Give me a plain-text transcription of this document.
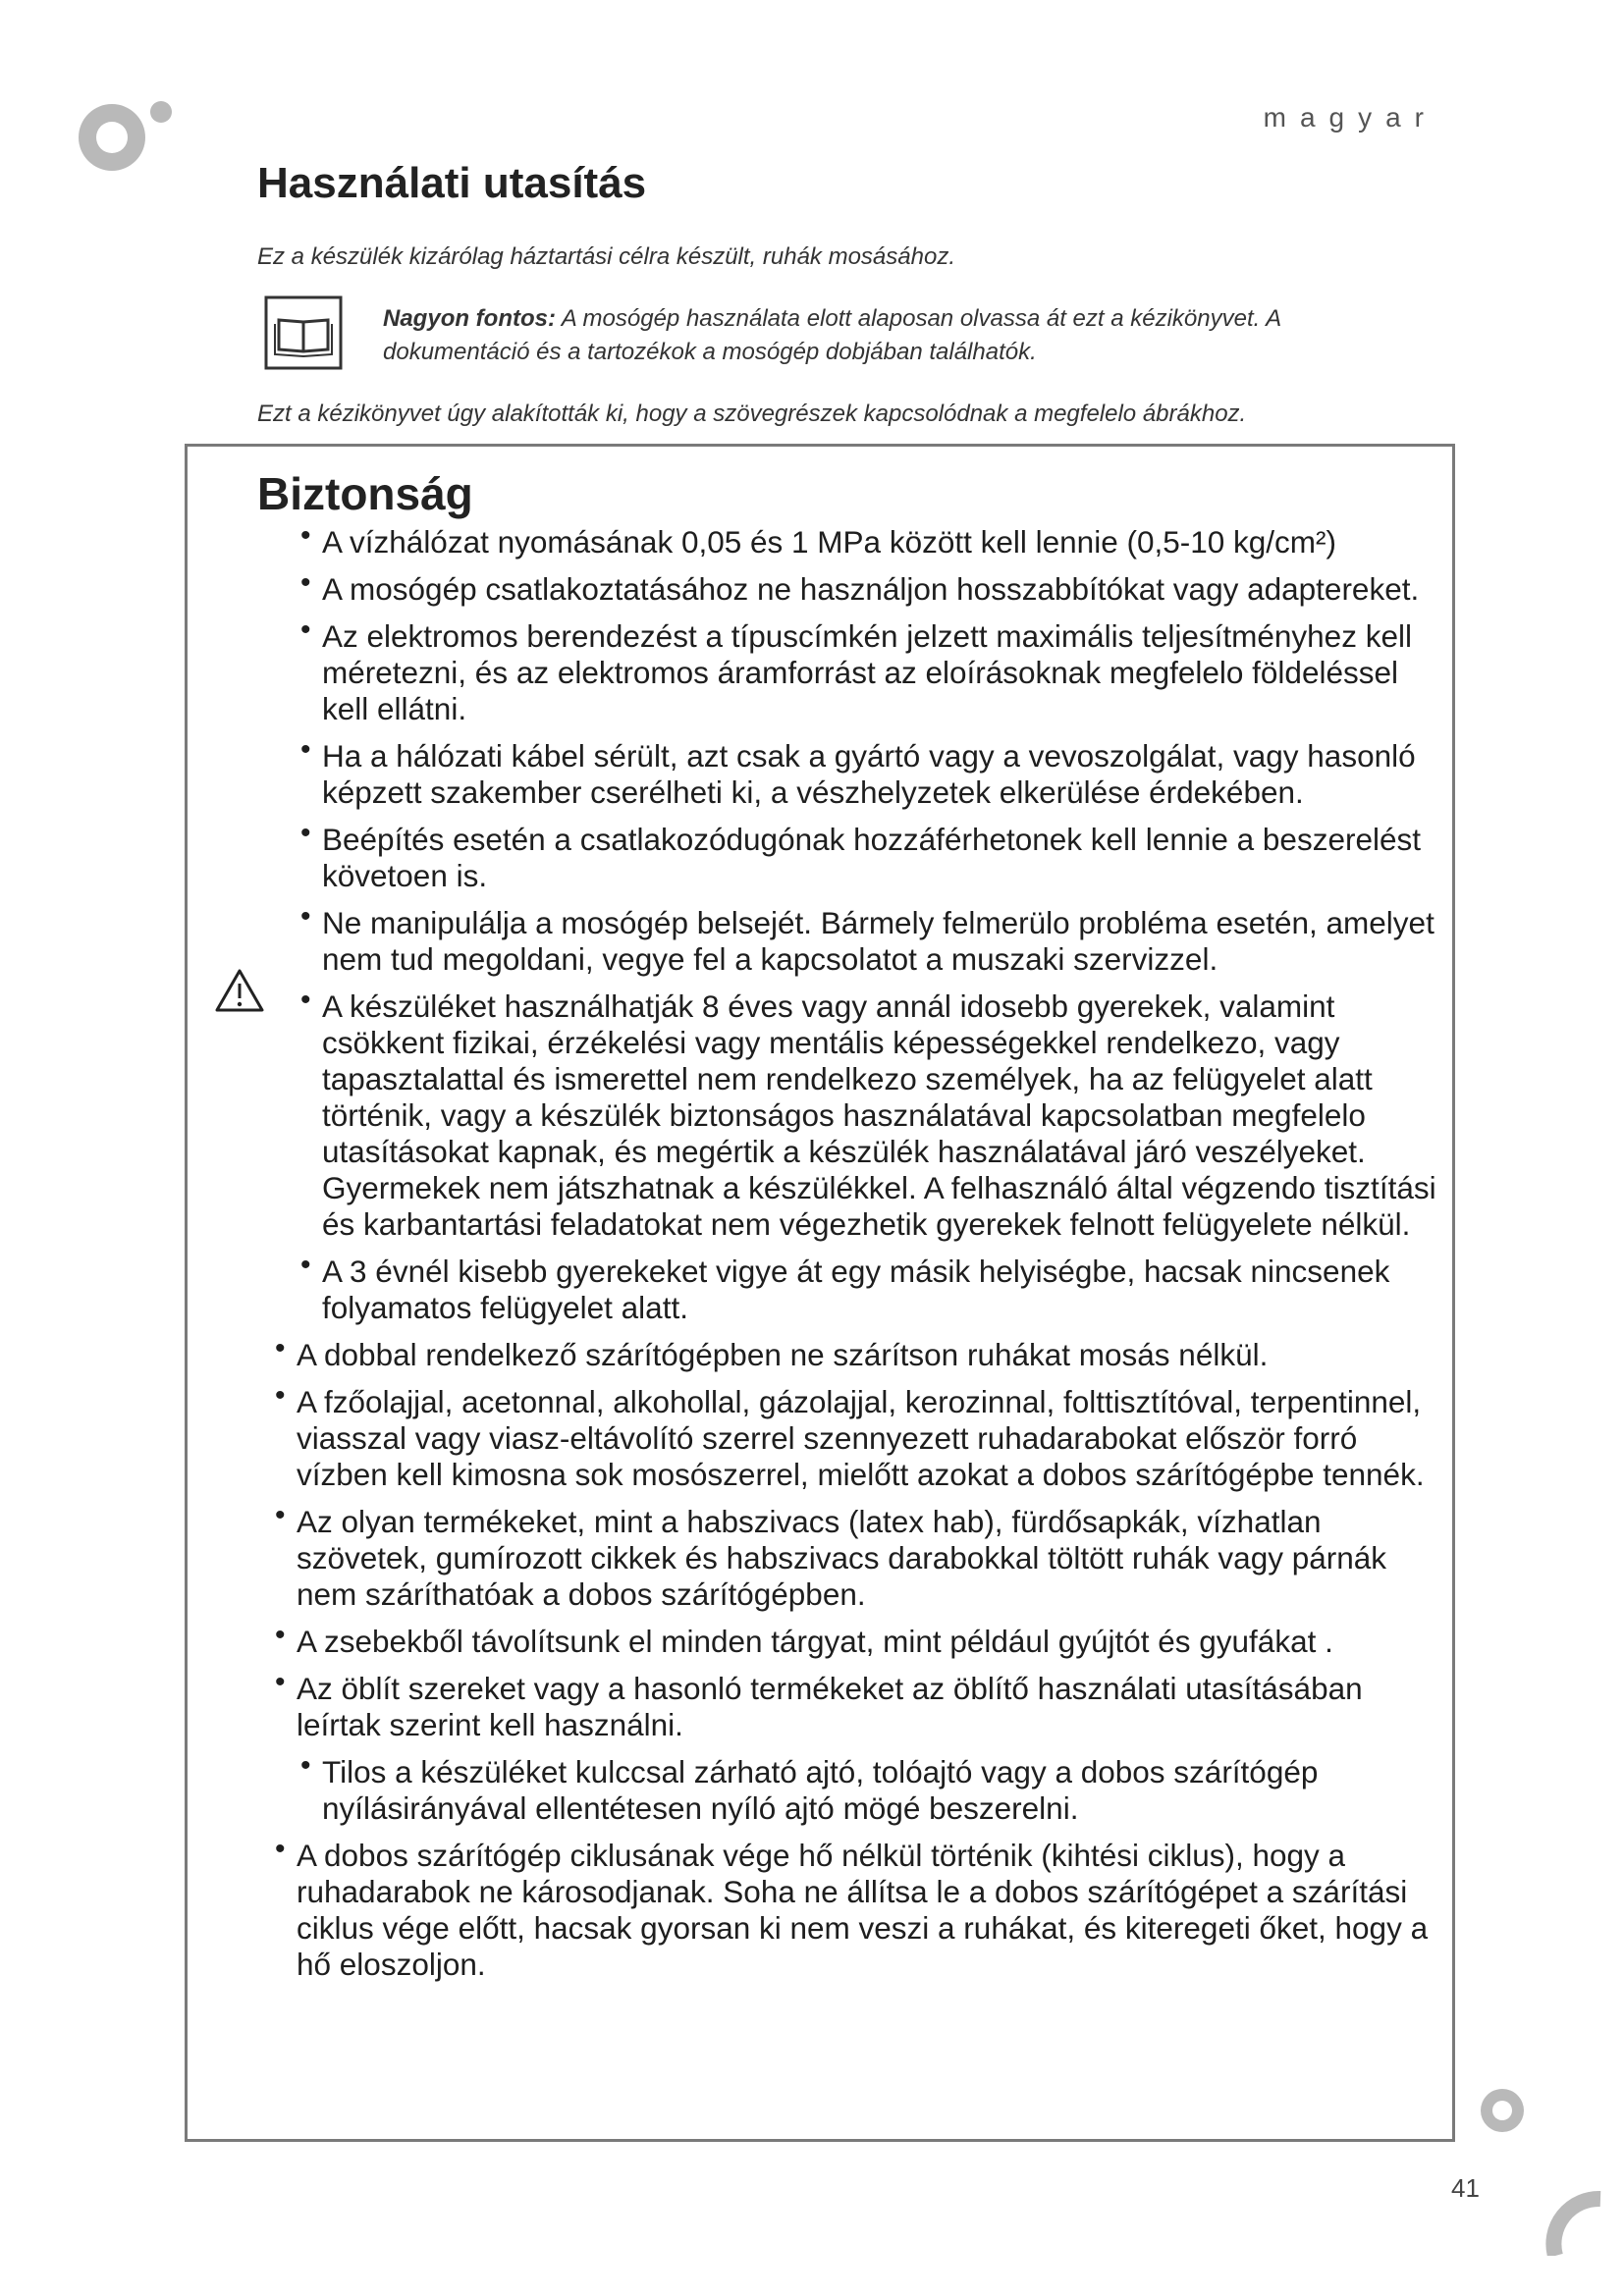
magyar
Használati utasítás

Ez a készülék kizárólag háztartási célra készült, ruhák mosásához.

Nagyon fontos: A mosógép használata elott alaposan olvassa át ezt a kézikönyvet. A dokumentáció és a tartozékok a mosógép dobjában találhatók.

Ezt a kézikönyvet úgy alakították ki, hogy a szövegrészek kapcsolódnak a megfelelo ábrákhoz.

Biztonság
• A vízhálózat nyomásának 0,05 és 1 MPa között kell lennie (0,5-10 kg/cm²)
• A mosógép csatlakoztatásához ne használjon hosszabbítókat vagy adaptereket.
• Az elektromos berendezést a típuscímkén jelzett maximális teljesítményhez kell méretezni, és az elektromos áramforrást az eloírásoknak megfelelo földeléssel kell ellátni.
• Ha a hálózati kábel sérült, azt csak a gyártó vagy a vevoszolgálat, vagy hasonló képzett szakember cserélheti ki, a vészhelyzetek elkerülése érdekében.
• Beépítés esetén a csatlakozódugónak hozzáférhetonek kell lennie a beszerelést követoen is.
• Ne manipulálja a mosógép belsejét. Bármely felmerülo probléma esetén, amelyet nem tud megoldani, vegye fel a kapcsolatot a muszaki szervizzel.
• A készüléket használhatják 8 éves vagy annál idosebb gyerekek, valamint csökkent fizikai, érzékelési vagy mentális képességekkel rendelkezo, vagy tapasztalattal és ismerettel nem rendelkezo személyek, ha az felügyelet alatt történik, vagy a készülék biztonságos használatával kapcsolatban megfelelo utasításokat kapnak, és megértik a készülék használatával járó veszélyeket. Gyermekek nem játszhatnak a készülékkel. A felhasználó által végzendo tisztítási és karbantartási feladatokat nem végezhetik gyerekek felnott felügyelete nélkül.
• A 3 évnél kisebb gyerekeket vigye át egy másik helyiségbe, hacsak nincsenek folyamatos felügyelet alatt.
• A dobbal rendelkező szárítógépben ne szárítson ruhákat mosás nélkül.
• A fzőolajjal, acetonnal, alkohollal, gázolajjal, kerozinnal, folttisztítóval, terpentinnel, viasszal vagy viasz-eltávolító szerrel szennyezett ruhadarabokat először forró vízben kell kimosna sok mosószerrel, mielőtt azokat a dobos szárítógépbe tennék.
• Az olyan termékeket, mint a habszivacs (latex hab), fürdősapkák, vízhatlan szövetek, gumírozott cikkek és habszivacs darabokkal töltött ruhák vagy párnák nem száríthatóak a dobos szárítógépben.
• A zsebekből távolítsunk el minden tárgyat, mint például gyújtót és gyufákat .
• Az öblít szereket vagy a hasonló termékeket az öblítő használati utasításában leírtak szerint kell használni.
• Tilos a készüléket kulccsal zárható ajtó, tolóajtó vagy a dobos szárítógép nyílásirányával ellentétesen nyíló ajtó mögé beszerelni.
• A dobos szárítógép ciklusának vége hő nélkül történik (kihtési ciklus), hogy a ruhadarabok ne károsodjanak. Soha ne állítsa le a dobos szárítógépet a szárítási ciklus vége előtt, hacsak gyorsan ki nem veszi a ruhákat, és kiteregeti őket, hogy a hő eloszoljon.
41
